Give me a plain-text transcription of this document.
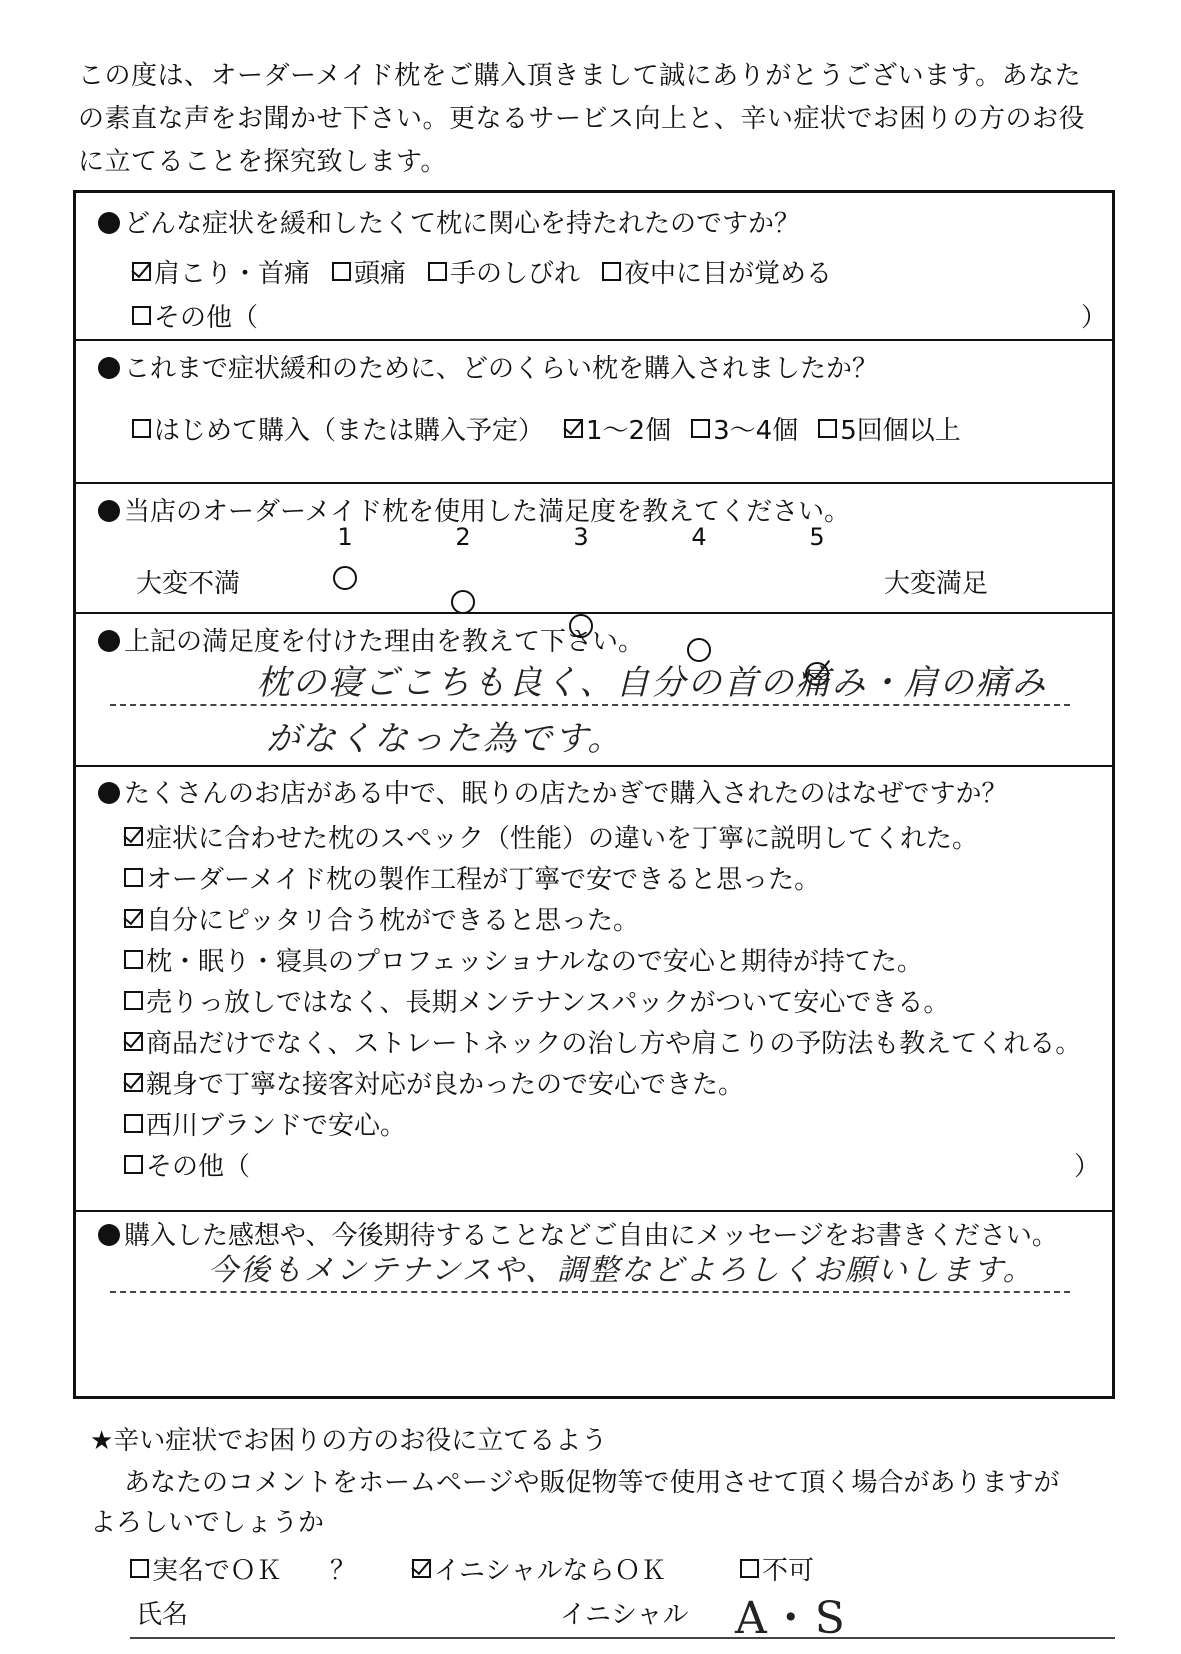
この度は、オーダーメイド枕をご購入頂きまして誠にありがとうございます。あなた
の素直な声をお聞かせ下さい。更なるサービス向上と、辛い症状でお困りの方のお役
に立てることを探究致します。
どんな症状を緩和したくて枕に関心を持たれたのですか？
肩こり・首痛 頭痛 手のしびれ 夜中に目が覚める
その他（	）
これまで症状緩和のために、どのくらい枕を購入されましたか？
はじめて購入（または購入予定） 1～2個 3～4個 5回個以上
当店のオーダーメイド枕を使用した満足度を教えてください。
大変不満	大変満足
1	2	3	4	5
上記の満足度を付けた理由を教えて下さい。
枕の寝ごこちも良く、自分の首の痛み・肩の痛み
がなくなった為です。
たくさんのお店がある中で、眠りの店たかぎで購入されたのはなぜですか？
症状に合わせた枕のスペック（性能）の違いを丁寧に説明してくれた。
オーダーメイド枕の製作工程が丁寧で安できると思った。
自分にピッタリ合う枕ができると思った。
枕・眠り・寝具のプロフェッショナルなので安心と期待が持てた。
売りっ放しではなく、長期メンテナンスパックがついて安心できる。
商品だけでなく、ストレートネックの治し方や肩こりの予防法も教えてくれる。
親身で丁寧な接客対応が良かったので安心できた。
西川ブランドで安心。
その他（	）
購入した感想や、今後期待することなどご自由にメッセージをお書きください。
今後もメンテナンスや、調整などよろしくお願いします。
★辛い症状でお困りの方のお役に立てるよう
あなたのコメントをホームページや販促物等で使用させて頂く場合がありますが
よろしいでしょうか
実名でＯＫ ？	イニシャルならＯＫ	不可
氏名	イニシャル A・S
